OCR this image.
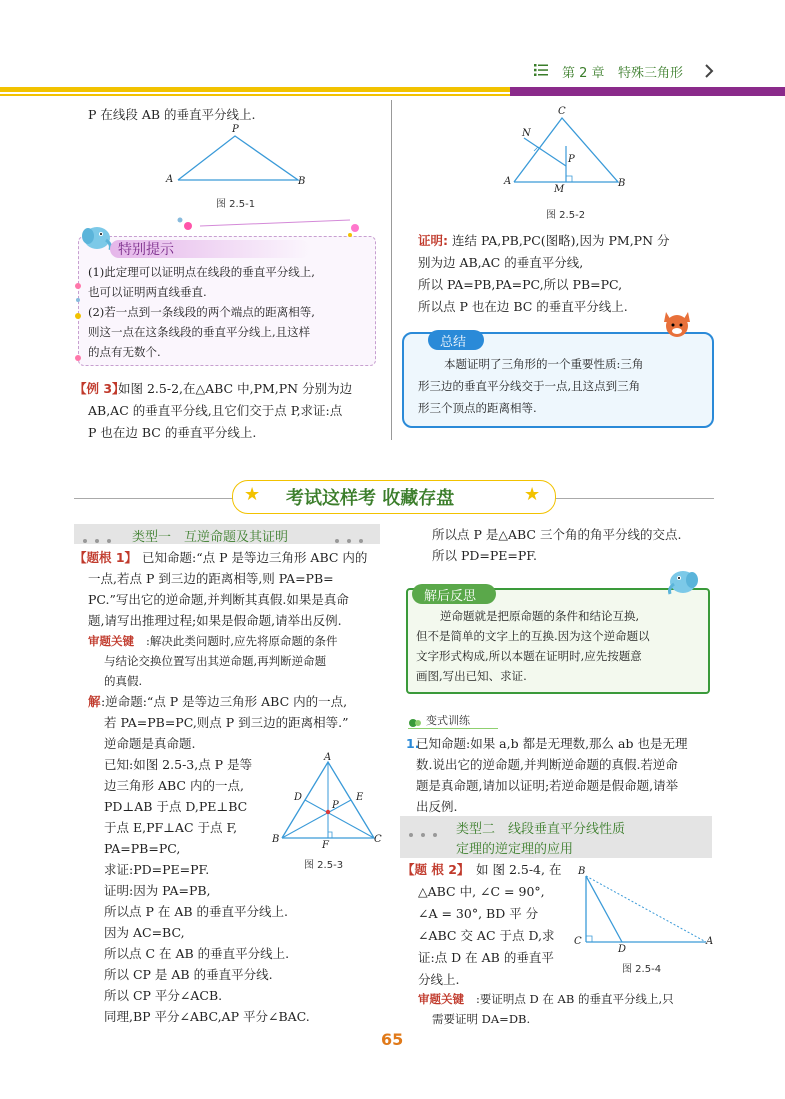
第 2 章 特殊三角形
P 在线段 AB 的垂直平分线上.
A
P
B
图 2.5-1
特别提示
(1)此定理可以证明点在线段的垂直平分线上,
也可以证明两直线垂直.
(2)若一点到一条线段的两个端点的距离相等,
则这一点在这条线段的垂直平分线上,且这样
的点有无数个.
【例 3】
如图 2.5-2,在△ABC 中,PM,PN 分别为边
AB,AC 的垂直平分线,且它们交于点 P,求证:点
P 也在边 BC 的垂直平分线上.
A
C
B
M
N
P
图 2.5-2
证明: 连结 PA,PB,PC(图略),因为 PM,PN 分
别为边 AB,AC 的垂直平分线,
所以 PA=PB,PA=PC,所以 PB=PC,
所以点 P 也在边 BC 的垂直平分线上.
总结
本题证明了三角形的一个重要性质:三角
形三边的垂直平分线交于一点,且这点到三角
形三个顶点的距离相等.
★ 考试这样考 收藏存盘	★
类型一　互逆命题及其证明
【题根 1】 已知命题:“点 P 是等边三角形 ABC 内的
一点,若点 P 到三边的距离相等,则 PA=PB=
PC.”写出它的逆命题,并判断其真假.如果是真命
题,请写出推理过程;如果是假命题,请举出反例.
审题关键 :解决此类问题时,应先将原命题的条件
与结论交换位置写出其逆命题,再判断逆命题
的真假.
解 :逆命题:“点 P 是等边三角形 ABC 内的一点,
若 PA=PB=PC,则点 P 到三边的距离相等.”
逆命题是真命题.
已知:如图 2.5-3,点 P 是等
边三角形 ABC 内的一点,
PD⊥AB 于点 D,PE⊥BC
于点 E,PF⊥AC 于点 F,
PA=PB=PC,
求证:PD=PE=PF.
证明:因为 PA=PB,
所以点 P 在 AB 的垂直平分线上.
因为 AC=BC,
所以点 C 在 AB 的垂直平分线上.
所以 CP 是 AB 的垂直平分线.
所以 CP 平分∠ACB.
同理,BP 平分∠ABC,AP 平分∠BAC.
A
B	C
D	E
F
P
图 2.5-3
所以点 P 是△ABC 三个角的角平分线的交点.
所以 PD=PE=PF.
解后反思
逆命题就是把原命题的条件和结论互换,
但不是简单的文字上的互换.因为这个逆命题以
文字形式构成,所以本题在证明时,应先按题意
画图,写出已知、求证.
变式训练
1.
已知命题:如果 a,b 都是无理数,那么 ab 也是无理
数.说出它的逆命题,并判断逆命题的真假.若逆命
题是真命题,请加以证明;若逆命题是假命题,请举
出反例.
类型二　线段垂直平分线性质
定理的逆定理的应用
【题 根 2】 如 图 2.5-4, 在
△ABC 中, ∠C = 90°,
∠A = 30°, BD 平 分
∠ABC 交 AC 于点 D,求
证:点 D 在 AB 的垂直平
分线上.
B
C
D
A
图 2.5-4
审题关键 :要证明点 D 在 AB 的垂直平分线上,只
需要证明 DA=DB.
65
